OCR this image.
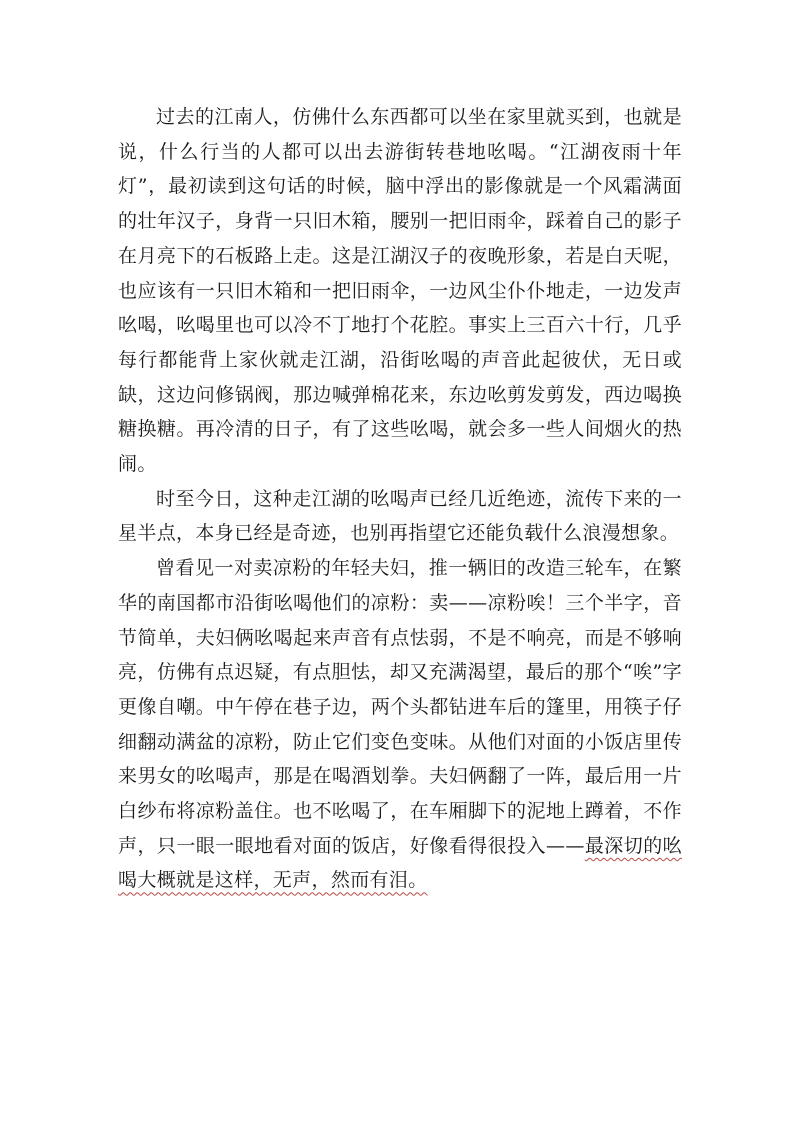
过去的江南人，仿佛什么东西都可以坐在家里就买到，也就是说，什么行当的人都可以出去游街转巷地吆喝。“江湖夜雨十年灯”，最初读到这句话的时候，脑中浮出的影像就是一个风霜满面的壮年汉子，身背一只旧木箱，腰别一把旧雨伞，踩着自己的影子在月亮下的石板路上走。这是江湖汉子的夜晚形象，若是白天呢，也应该有一只旧木箱和一把旧雨伞，一边风尘仆仆地走，一边发声吆喝，吆喝里也可以冷不丁地打个花腔。事实上三百六十行，几乎每行都能背上家伙就走江湖，沿街吆喝的声音此起彼伏，无日或缺，这边问修锅阀，那边喊弹棉花来，东边吆剪发剪发，西边喝换糖换糖。再冷清的日子，有了这些吆喝，就会多一些人间烟火的热闹。

时至今日，这种走江湖的吆喝声已经几近绝迹，流传下来的一星半点，本身已经是奇迹，也别再指望它还能负载什么浪漫想象。

曾看见一对卖凉粉的年轻夫妇，推一辆旧的改造三轮车，在繁华的南国都市沿街吆喝他们的凉粉：卖——凉粉唉！三个半字，音节简单，夫妇俩吆喝起来声音有点怯弱，不是不响亮，而是不够响亮，仿佛有点迟疑，有点胆怯，却又充满渴望，最后的那个“唉”字更像自嘲。中午停在巷子边，两个头都钻进车后的篷里，用筷子仔细翻动满盆的凉粉，防止它们变色变味。从他们对面的小饭店里传来男女的吆喝声，那是在喝酒划拳。夫妇俩翻了一阵，最后用一片白纱布将凉粉盖住。也不吆喝了，在车厢脚下的泥地上蹲着，不作声，只一眼一眼地看对面的饭店，好像看得很投入——最深切的吆喝大概就是这样，无声，然而有泪。
